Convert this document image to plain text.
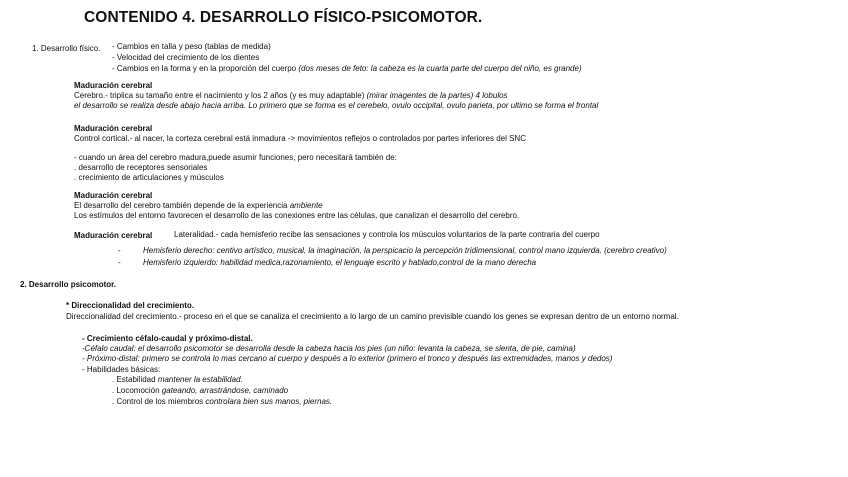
CONTENIDO 4. DESARROLLO FÍSICO-PSICOMOTOR.
1. Desarrollo físico. - Cambios en talla y peso (tablas de medida)
- Velocidad del crecimiento de los dientes
- Cambios en la forma y en la proporción del cuerpo (dos meses de feto: la cabeza es la cuarta parte del cuerpo del niño, es grande)
Maduración cerebral
Cerebro.- triplica su tamaño entre el nacimiento y los 2 años (y es muy adaptable) (mirar imagentes de la partes) 4 lobulos
el desarrollo se realiza desde abajo hacia arriba. Lo primero que se forma es el cerebelo, ovulo occipital, ovulo parieta, por ultimo se forma el frontal
Maduración cerebral
Control cortical.- al nacer, la corteza cerebral está inmadura -> movimientos reflejos o controlados por partes inferiores del SNC
- cuando un área del cerebro madura,puede asumir funciones, pero necesitará también de:
. desarrollo de receptores sensoriales
. crecimiento de articulaciones y músculos
Maduración cerebral
El desarrollo del cerebro también depende de la experiencia ambiente
Los estímulos del entorno favorecen el desarrollo de las conexiones entre las células, que canalizan el desarrollo del cerebro.
Maduración cerebral	Lateralidad.- cada hemisferio recibe las sensaciones y controla los músculos voluntarios de la parte contraria del cuerpo
-	Hemisferio derecho: centivo artístico, musical, la imaginación, la perspicacio la percepción tridimensional, control mano izquierda. (cerebro creativo)
-	Hemisferio izquierdo: habilidad medica,razonamiento, el lenguaje escrito y hablado,control de la mano derecha
2. Desarrollo psicomotor.
* Direccionalidad del crecimiento.
Direccionalidad del crecimiento.- proceso en el que se canaliza el crecimiento a lo largo de un camino previsible cuando los genes se expresan dentro de un entorno normal.
- Crecimiento céfalo-caudal y próximo-distal.
-Céfalo caudal: el desarrollo psicomotor se desarrolla desde la cabeza hacia los pies (un niño: levanta la cabeza, se sienta, de pie, camina)
- Próximo-distal: primero se controla lo mas cercano al cuerpo y después a lo exterior (primero el tronco y después las extremidades, manos y dedos)
- Habilidades básicas:
. Estabilidad mantener la estabilidad.
. Locomoción gateando, arrastrándose, caminado
. Control de los miembros controlara bien sus manos, piernas.
